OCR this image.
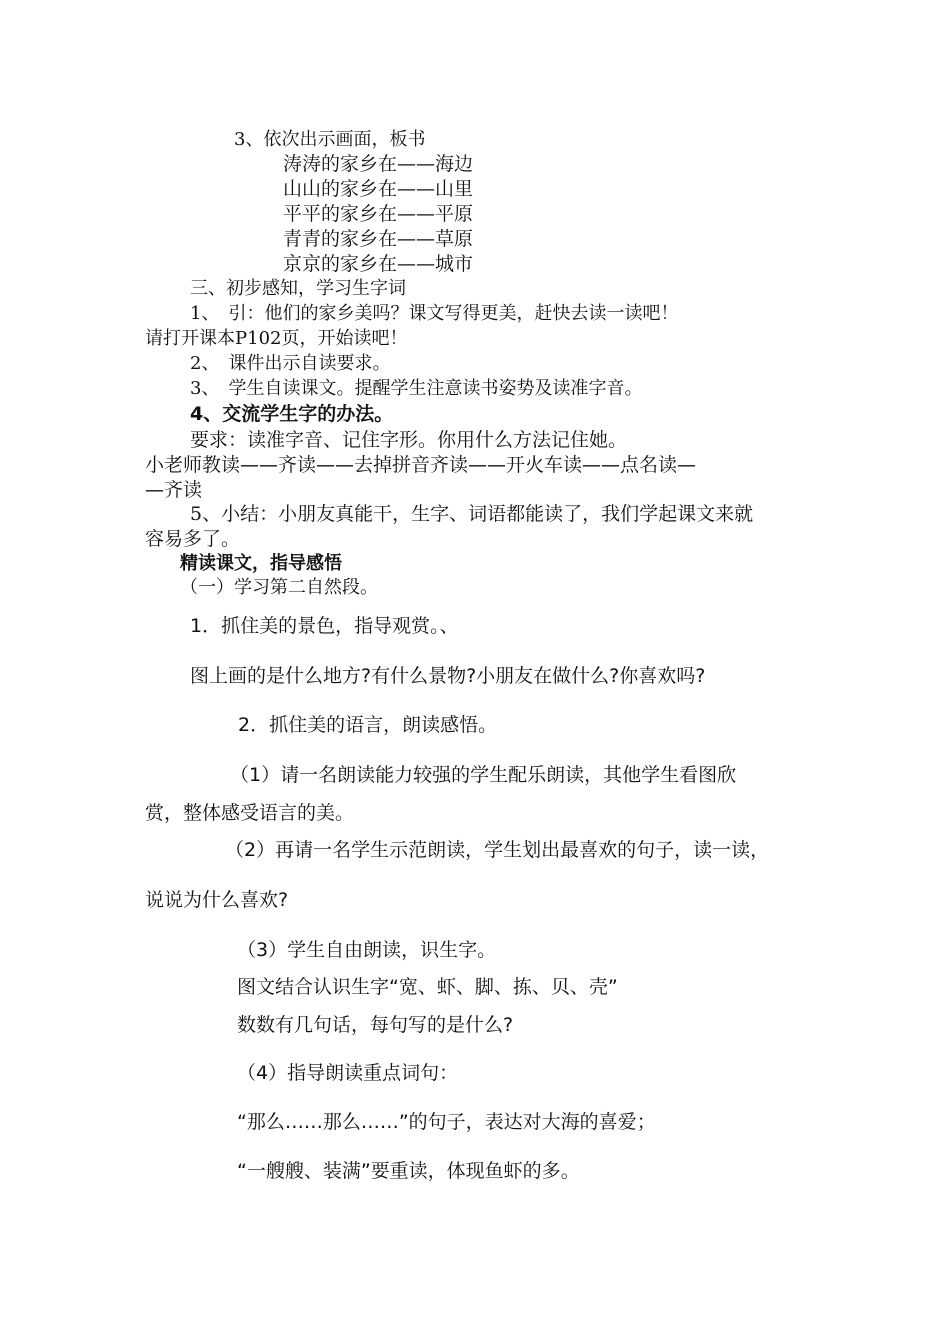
3、依次出示画面，板书

涛涛的家乡在——海边

山山的家乡在——山里

平平的家乡在——平原

青青的家乡在——草原

京京的家乡在——城市

三、初步感知，学习生字词

1、　引：他们的家乡美吗？课文写得更美，赶快去读一读吧！

请打开课本P102页，开始读吧！

2、　课件出示自读要求。

3、　学生自读课文。提醒学生注意读书姿势及读准字音。

4、交流学生字的办法。

要求：读准字音、记住字形。你用什么方法记住她。

小老师教读——齐读——去掉拼音齐读——开火车读——点名读—

—齐读

5、小结：小朋友真能干，生字、词语都能读了，我们学起课文来就

容易多了。

精读课文，指导感悟

（一）学习第二自然段。

1．抓住美的景色，指导观赏。、

图上画的是什么地方?有什么景物?小朋友在做什么?你喜欢吗?

2．抓住美的语言，朗读感悟。

（1）请一名朗读能力较强的学生配乐朗读，其他学生看图欣

赏，整体感受语言的美。

（2）再请一名学生示范朗读，学生划出最喜欢的句子，读一读，

说说为什么喜欢?

（3）学生自由朗读，识生字。

图文结合认识生字“宽、虾、脚、拣、贝、壳”

数数有几句话，每句写的是什么?

（4）指导朗读重点词句：

“那么……那么……”的句子，表达对大海的喜爱；

“一艘艘、装满”要重读，体现鱼虾的多。
